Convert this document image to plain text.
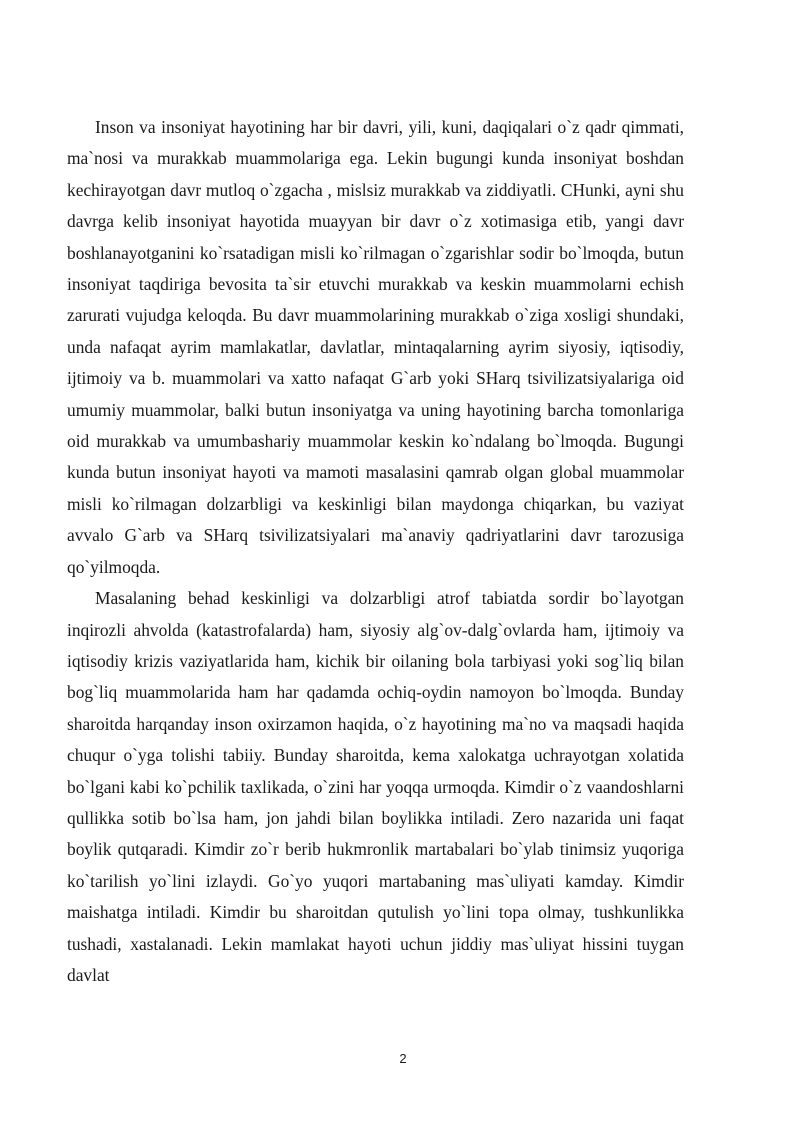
Inson va insoniyat hayotining har bir davri, yili, kuni, daqiqalari o`z qadr qimmati, ma`nosi va murakkab muammolariga ega. Lekin bugungi kunda insoniyat boshdan kechirayotgan davr mutloq o`zgacha , mislsiz murakkab va ziddiyatli. CHunki, ayni shu davrga kelib insoniyat hayotida muayyan bir davr o`z xotimasiga etib, yangi davr boshlanayotganini ko`rsatadigan misli ko`rilmagan o`zgarishlar sodir bo`lmoqda, butun insoniyat taqdiriga bevosita ta`sir etuvchi murakkab va keskin muammolarni echish zarurati vujudga keloqda. Bu davr muammolarining murakkab o`ziga xosligi shundaki, unda nafaqat ayrim mamlakatlar, davlatlar, mintaqalarning ayrim siyosiy, iqtisodiy, ijtimoiy va b. muammolari va xatto nafaqat G`arb yoki SHarq tsivilizatsiyalariga oid umumiy muammolar, balki butun insoniyatga va uning hayotining barcha tomonlariga oid murakkab va umumbashariy muammolar keskin ko`ndalang bo`lmoqda. Bugungi kunda butun insoniyat hayoti va mamoti masalasini qamrab olgan global muammolar misli ko`rilmagan dolzarbligi va keskinligi bilan maydonga chiqarkan, bu vaziyat avvalo G`arb va SHarq tsivilizatsiyalari ma`anaviy qadriyatlarini davr tarozusiga qo`yilmoqda.

Masalaning behad keskinligi va dolzarbligi atrof tabiatda sordir bo`layotgan inqirozli ahvolda (katastrofalarda) ham, siyosiy alg`ov-dalg`ovlarda ham, ijtimoiy va iqtisodiy krizis vaziyatlarida ham, kichik bir oilaning bola tarbiyasi yoki sog`liq bilan bog`liq muammolarida ham har qadamda ochiq-oydin namoyon bo`lmoqda. Bunday sharoitda harqanday inson oxirzamon haqida, o`z hayotining ma`no va maqsadi haqida chuqur o`yga tolishi tabiiy. Bunday sharoitda, kema xalokatga uchrayotgan xolatida bo`lgani kabi ko`pchilik taxlikada, o`zini har yoqqa urmoqda. Kimdir o`z vaandoshlarni qullikka sotib bo`lsa ham, jon jahdi bilan boylikka intiladi. Zero nazarida uni faqat boylik qutqaradi. Kimdir zo`r berib hukmronlik martabalari bo`ylab tinimsiz yuqoriga ko`tarilish yo`lini izlaydi. Go`yo yuqori martabaning mas`uliyati kamday. Kimdir maishatga intiladi. Kimdir bu sharoitdan qutulish yo`lini topa olmay, tushkunlikka tushadi, xastalanadi. Lekin mamlakat hayoti uchun jiddiy mas`uliyat hissini tuygan davlat

2
